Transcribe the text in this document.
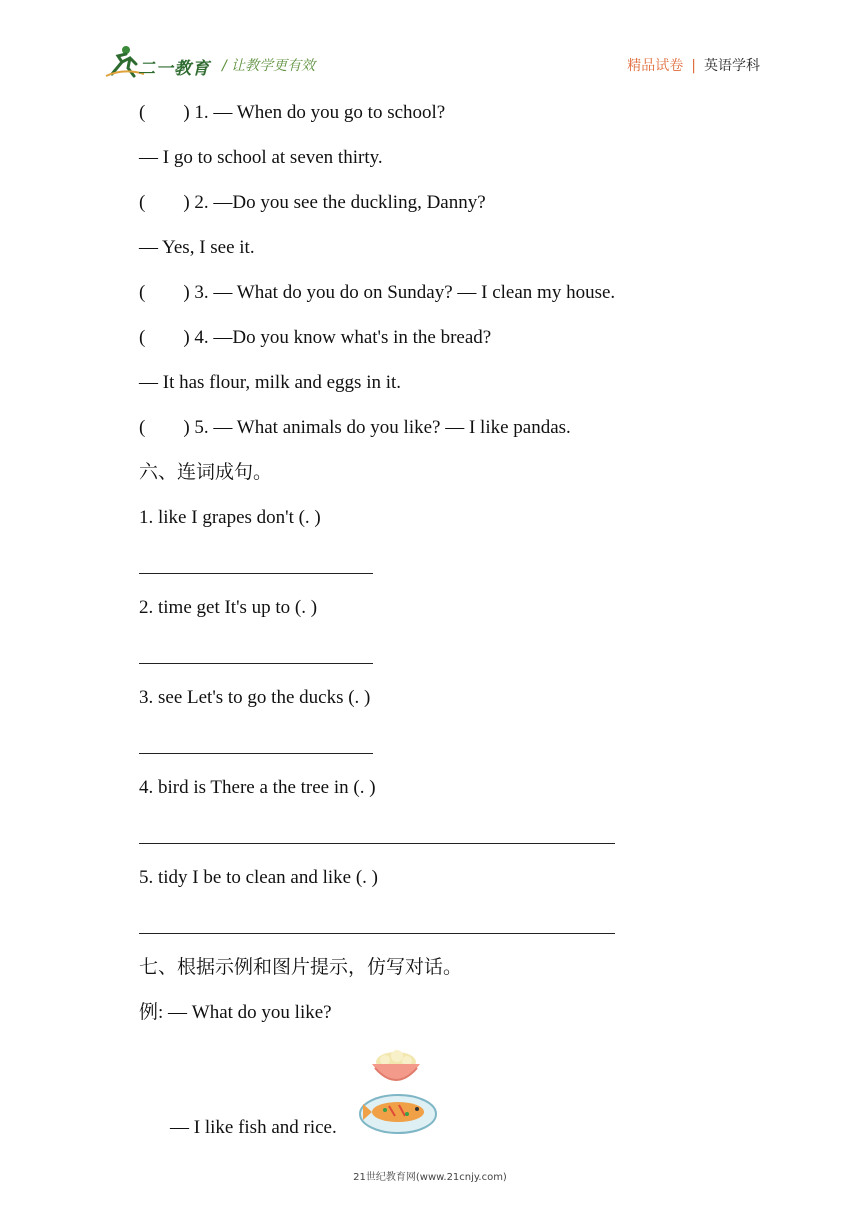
二一教育 / 让教学更有效	精品试卷 | 英语学科
(        ) 1. — When do you go to school?
— I go to school at seven thirty.
(        ) 2. —Do you see the duckling, Danny?
— Yes, I see it.
(        ) 3. — What do you do on Sunday? — I clean my house.
(        ) 4. —Do you know what's in the bread?
— It has flour, milk and eggs in it.
(        ) 5. — What animals do you like? — I like pandas.
六、连词成句。
1. like I grapes don't (. )
2. time get It's up to (. )
3. see Let's to go the ducks (. )
4. bird is There a the tree in (. )
5. tidy I be to clean and like (. )
七、根据示例和图片提示，仿写对话。
例: — What do you like?
— I like fish and rice.
21世纪教育网(www.21cnjy.com)
